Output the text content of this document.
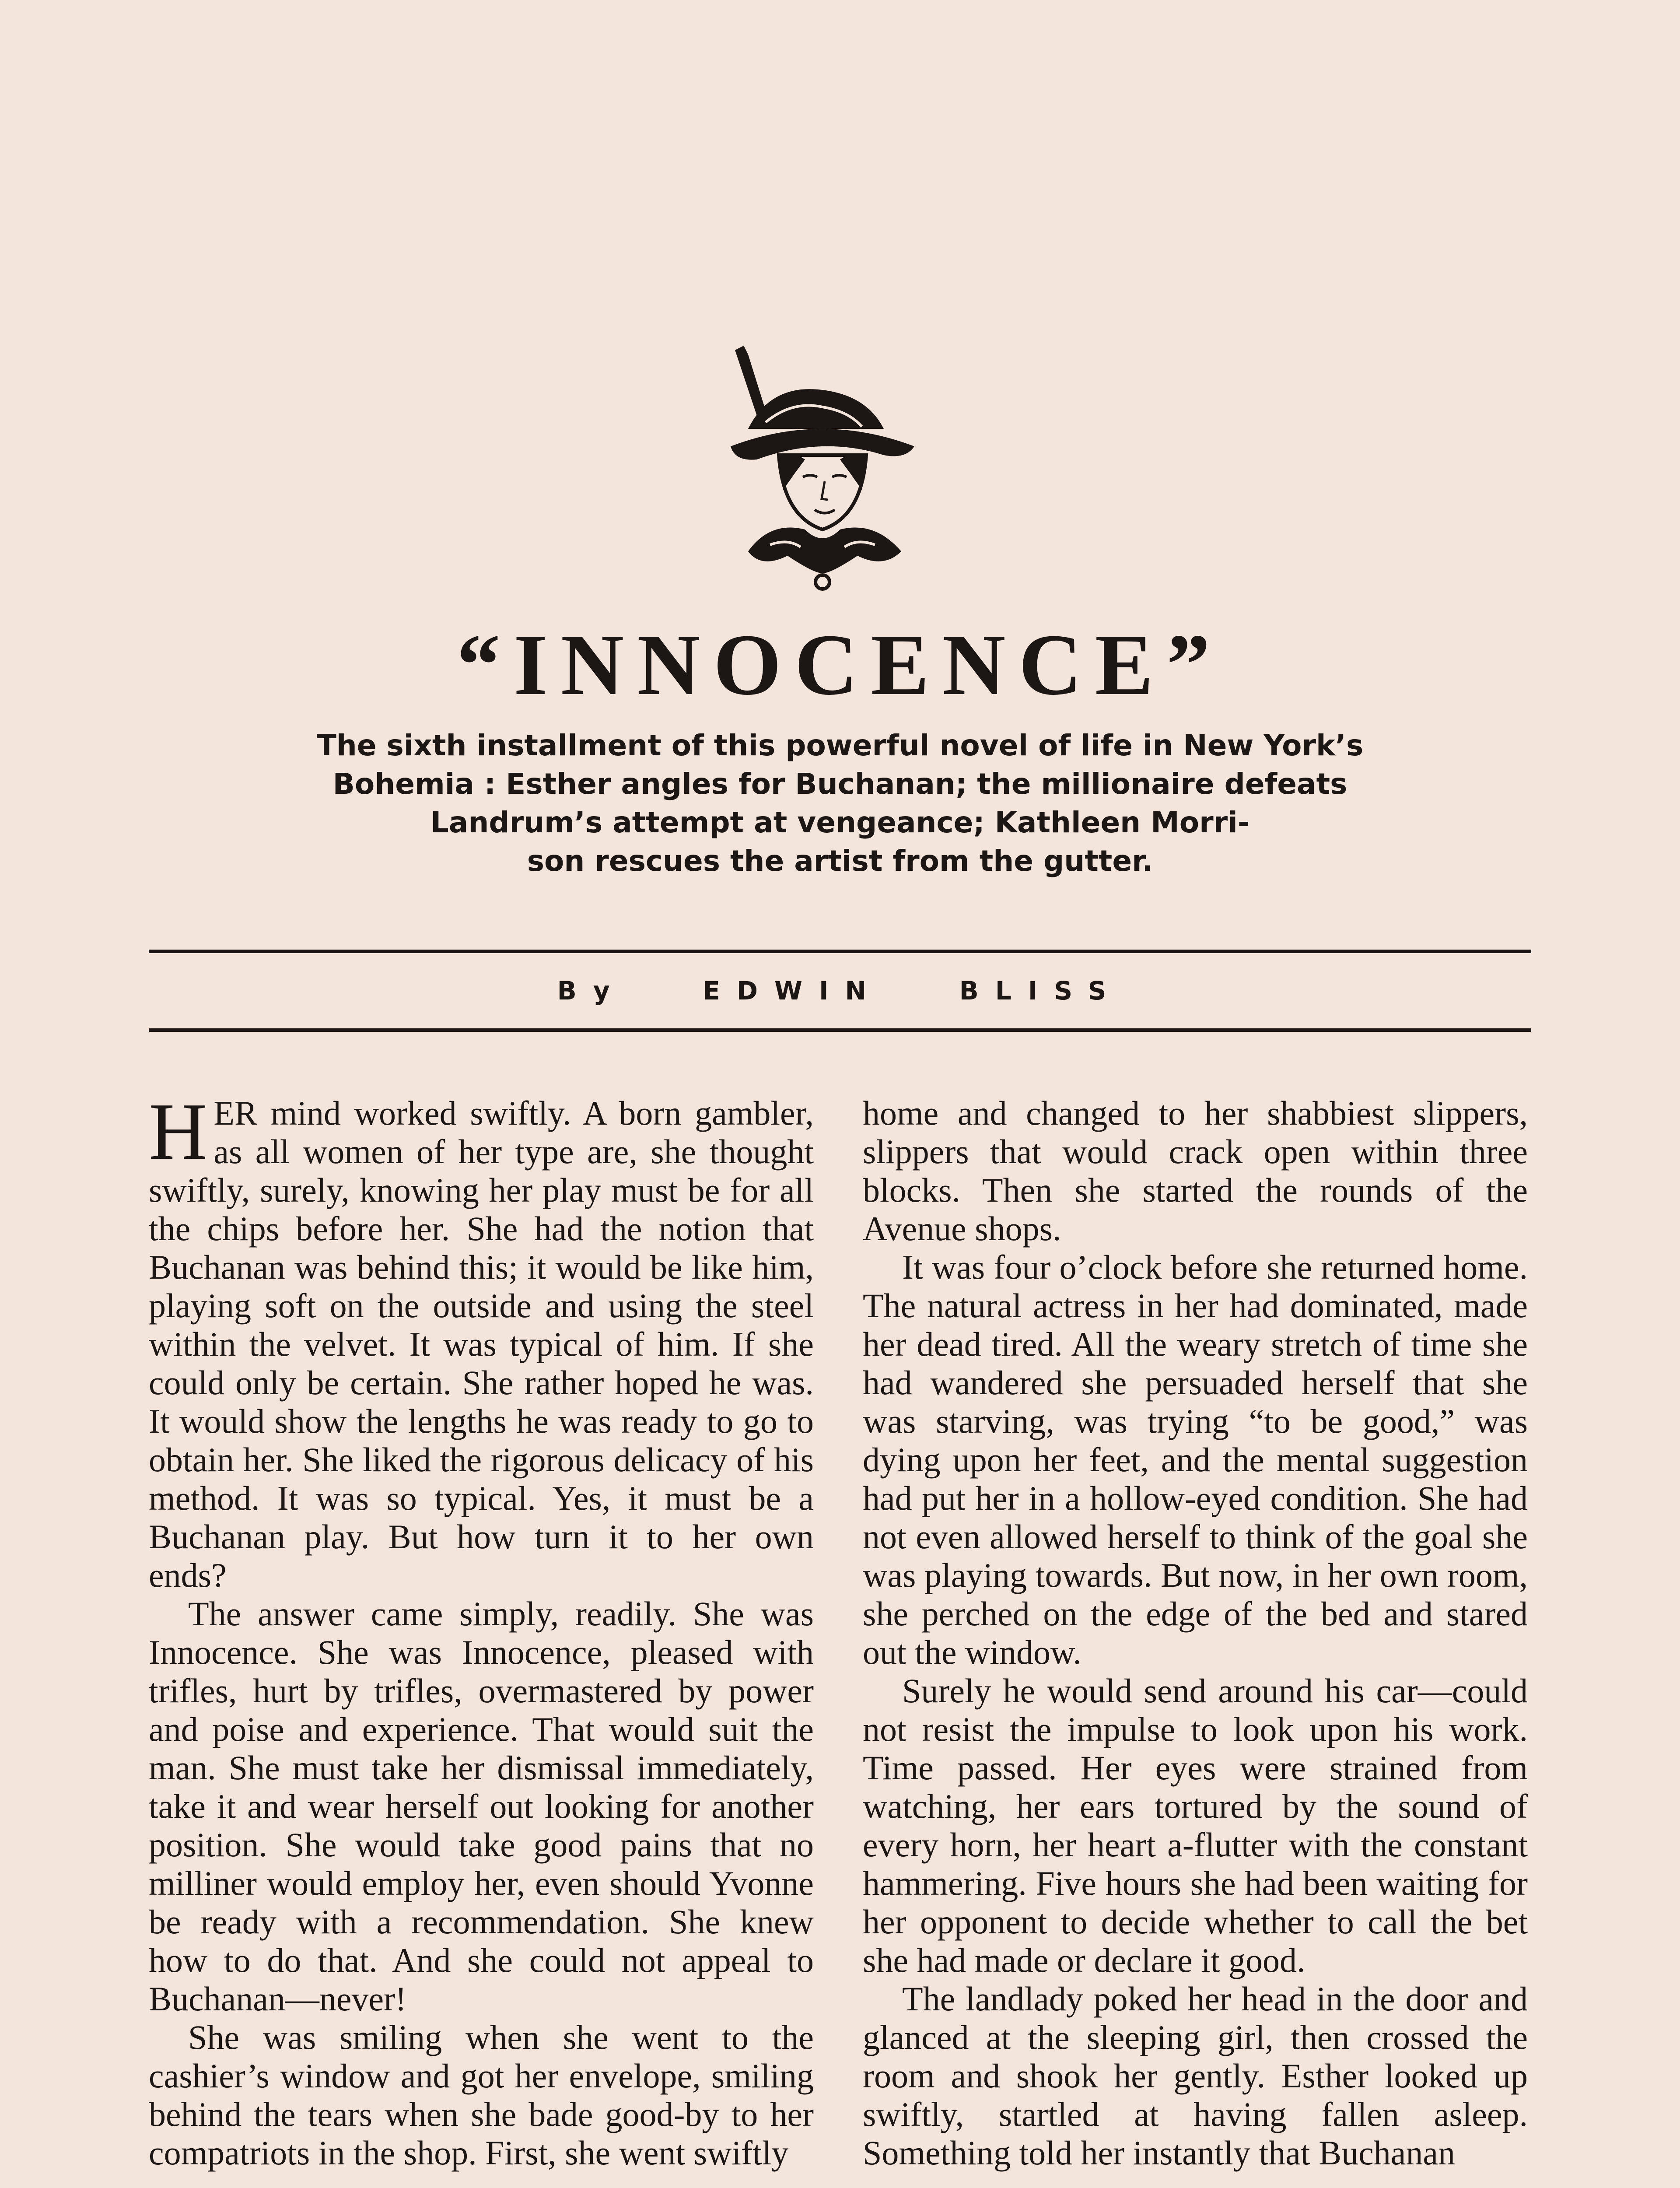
“INNOCENCE”
The sixth installment of this powerful novel of life in New York’s
Bohemia : Esther angles for Buchanan; the millionaire defeats
Landrum’s attempt at vengeance; Kathleen Morri-
son rescues the artist from the gutter.
By   EDWIN   BLISS

HER mind worked swiftly. A born gambler, as all women of her type are, she thought swiftly, surely, knowing her play must be for all the chips before her. She had the notion that Buchanan was behind this; it would be like him, playing soft on the outside and using the steel within the velvet. It was typical of him. If she could only be certain. She rather hoped he was. It would show the lengths he was ready to go to obtain her. She liked the rigorous delicacy of his method. It was so typical. Yes, it must be a Buchanan play. But how turn it to her own ends?

The answer came simply, readily. She was Innocence. She was Innocence, pleased with trifles, hurt by trifles, overmastered by power and poise and experience. That would suit the man. She must take her dismissal immediately, take it and wear herself out looking for another position. She would take good pains that no milliner would employ her, even should Yvonne be ready with a recommendation. She knew how to do that. And she could not appeal to Buchanan—never!

She was smiling when she went to the cashier’s window and got her envelope, smiling behind the tears when she bade good-by to her compatriots in the shop. First, she went swiftly

home and changed to her shabbiest slippers, slippers that would crack open within three blocks. Then she started the rounds of the Avenue shops.

It was four o’clock before she returned home. The natural actress in her had dominated, made her dead tired. All the weary stretch of time she had wandered she persuaded herself that she was starving, was trying “to be good,” was dying upon her feet, and the mental suggestion had put her in a hollow-eyed condition. She had not even allowed herself to think of the goal she was playing towards. But now, in her own room, she perched on the edge of the bed and stared out the window.

Surely he would send around his car—could not resist the impulse to look upon his work. Time passed. Her eyes were strained from watching, her ears tortured by the sound of every horn, her heart a-flutter with the constant hammering. Five hours she had been waiting for her opponent to decide whether to call the bet she had made or declare it good.

The landlady poked her head in the door and glanced at the sleeping girl, then crossed the room and shook her gently. Esther looked up swiftly, startled at having fallen asleep. Something told her instantly that Buchanan
